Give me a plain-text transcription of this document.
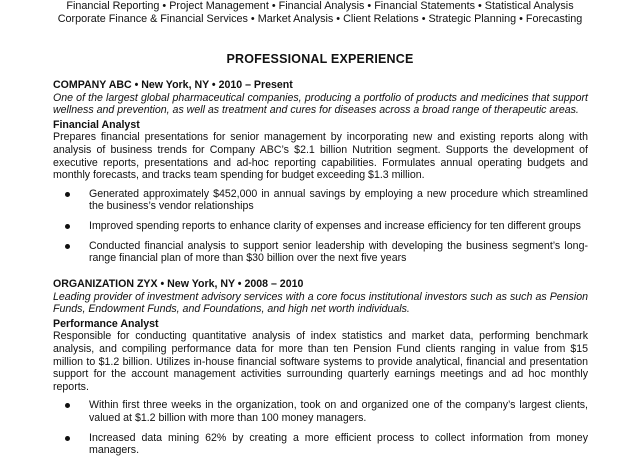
Financial Reporting • Project Management • Financial Analysis • Financial Statements • Statistical Analysis
Corporate Finance & Financial Services • Market Analysis • Client Relations • Strategic Planning • Forecasting
PROFESSIONAL EXPERIENCE
COMPANY ABC • New York, NY • 2010 – Present
One of the largest global pharmaceutical companies, producing a portfolio of products and medicines that support wellness and prevention, as well as treatment and cures for diseases across a broad range of therapeutic areas.
Financial Analyst
Prepares financial presentations for senior management by incorporating new and existing reports along with analysis of business trends for Company ABC’s $2.1 billion Nutrition segment. Supports the development of executive reports, presentations and ad-hoc reporting capabilities. Formulates annual operating budgets and monthly forecasts, and tracks team spending for budget exceeding $1.3 million.
Generated approximately $452,000 in annual savings by employing a new procedure which streamlined the business’s vendor relationships
Improved spending reports to enhance clarity of expenses and increase efficiency for ten different groups
Conducted financial analysis to support senior leadership with developing the business segment’s long-range financial plan of more than $30 billion over the next five years
ORGANIZATION ZYX • New York, NY • 2008 – 2010
Leading provider of investment advisory services with a core focus institutional investors such as such as Pension Funds, Endowment Funds, and Foundations, and high net worth individuals.
Performance Analyst
Responsible for conducting quantitative analysis of index statistics and market data, performing benchmark analysis, and compiling performance data for more than ten Pension Fund clients ranging in value from $15 million to $1.2 billion. Utilizes in-house financial software systems to provide analytical, financial and presentation support for the account management activities surrounding quarterly earnings meetings and ad hoc monthly reports.
Within first three weeks in the organization, took on and organized one of the company’s largest clients, valued at $1.2 billion with more than 100 money managers.
Increased data mining 62% by creating a more efficient process to collect information from money managers.
